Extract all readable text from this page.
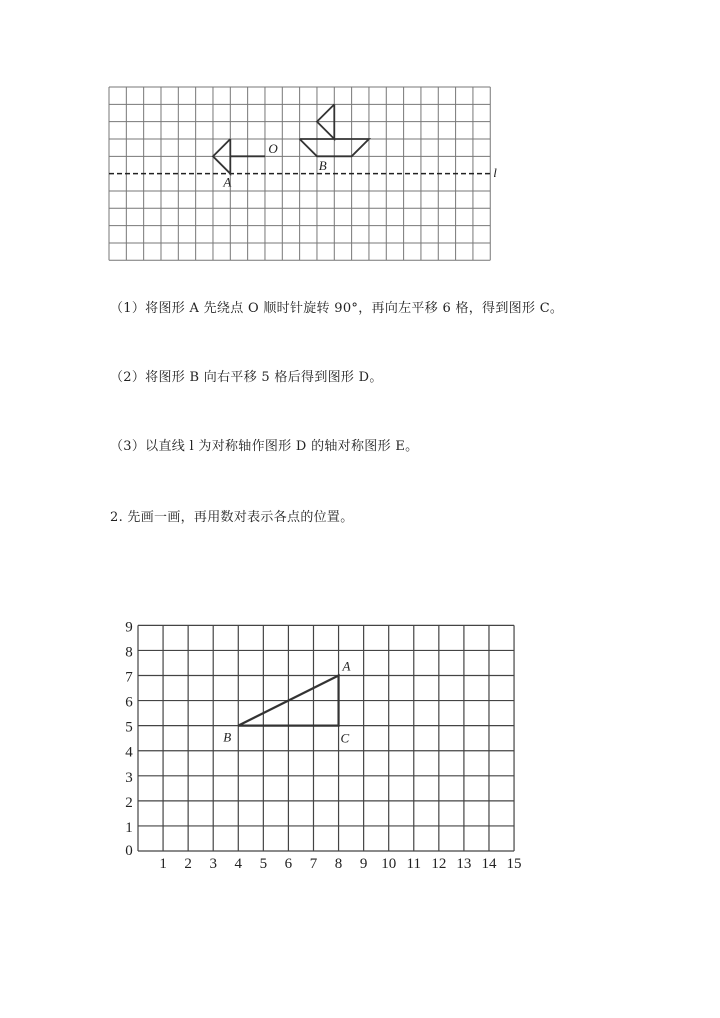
A
O
B	l
（1）将图形 A 先绕点 O 顺时针旋转 90°，再向左平移 6 格，得到图形 C。
（2）将图形 B 向右平移 5 格后得到图形 D。
（3）以直线 l 为对称轴作图形 D 的轴对称图形 E。
2. 先画一画，再用数对表示各点的位置。
1 2 3 4 5 6 7 8 9 10 11 12 13 14 15
0
1
2
3
4
5
6
7
8
9
A
B	C
